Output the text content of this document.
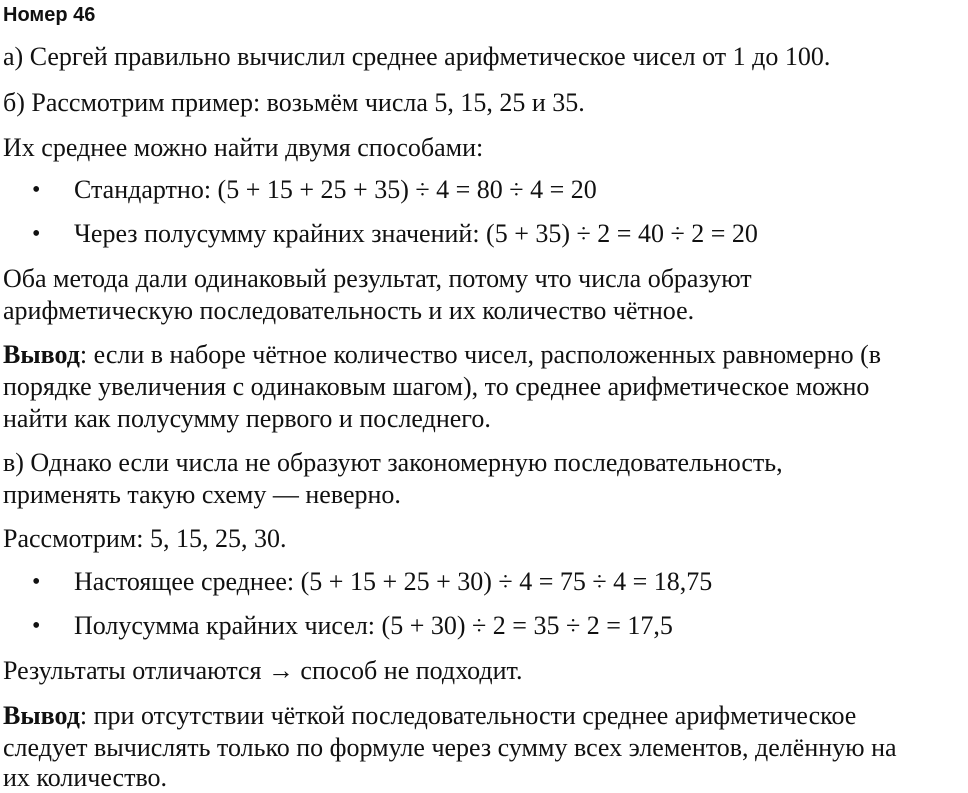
Номер 46
а) Сергей правильно вычислил среднее арифметическое чисел от 1 до 100.
б) Рассмотрим пример: возьмём числа 5, 15, 25 и 35.
Их среднее можно найти двумя способами:
• Стандартно: (5 + 15 + 25 + 35) ÷ 4 = 80 ÷ 4 = 20
• Через полусумму крайних значений: (5 + 35) ÷ 2 = 40 ÷ 2 = 20
Оба метода дали одинаковый результат, потому что числа образуют
арифметическую последовательность и их количество чётное.
Вывод: если в наборе чётное количество чисел, расположенных равномерно (в
порядке увеличения с одинаковым шагом), то среднее арифметическое можно
найти как полусумму первого и последнего.
в) Однако если числа не образуют закономерную последовательность,
применять такую схему — неверно.
Рассмотрим: 5, 15, 25, 30.
• Настоящее среднее: (5 + 15 + 25 + 30) ÷ 4 = 75 ÷ 4 = 18,75
• Полусумма крайних чисел: (5 + 30) ÷ 2 = 35 ÷ 2 = 17,5
Результаты отличаются → способ не подходит.
Вывод: при отсутствии чёткой последовательности среднее арифметическое
следует вычислять только по формуле через сумму всех элементов, делённую на
их количество.
